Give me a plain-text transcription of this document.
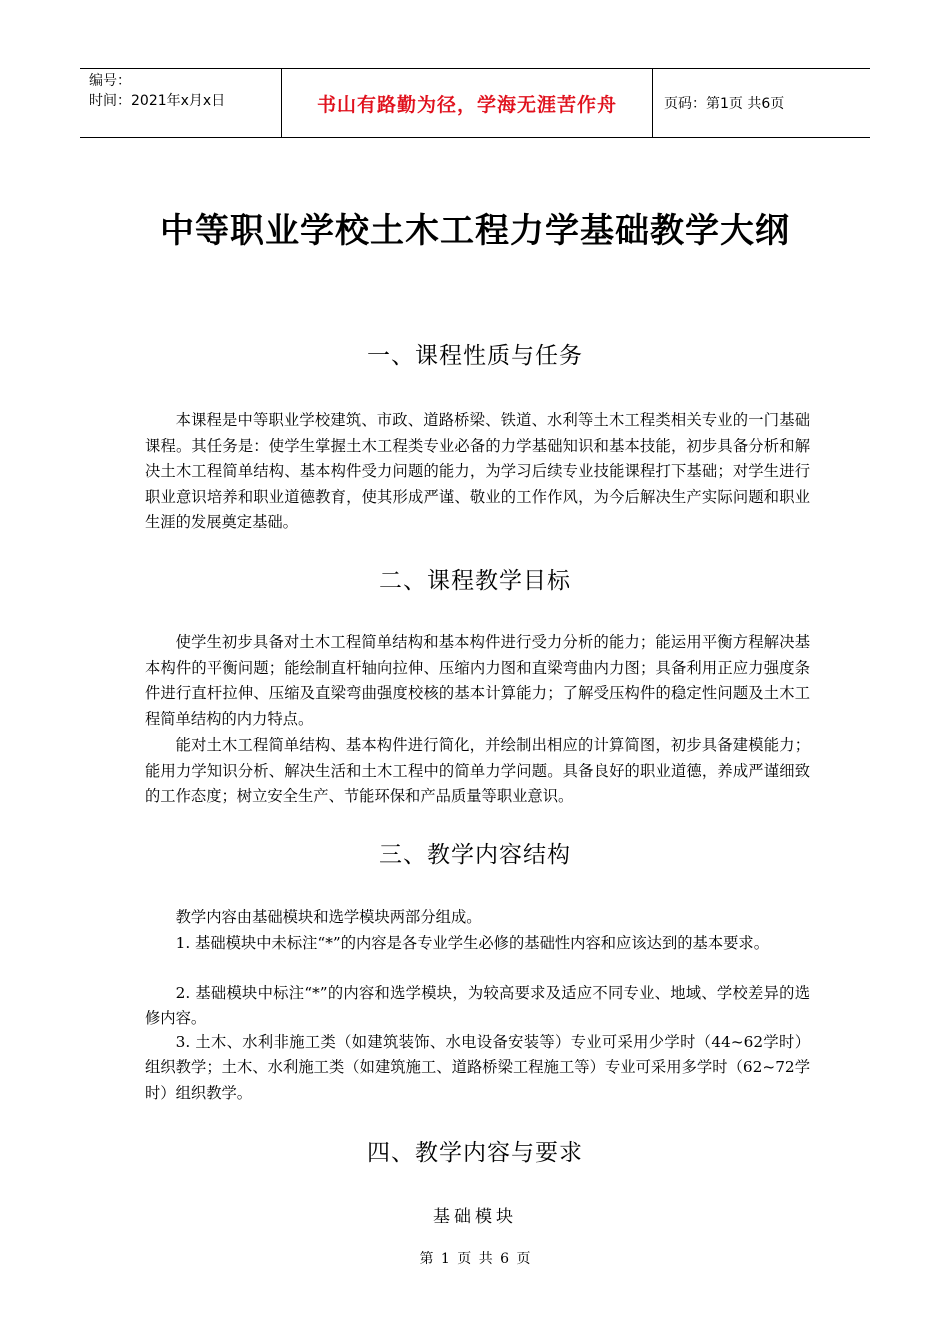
编号：
时间：2021年x月x日	书山有路勤为径，学海无涯苦作舟	页码：第1页 共6页
中等职业学校土木工程力学基础教学大纲
一、课程性质与任务

本课程是中等职业学校建筑、市政、道路桥梁、铁道、水利等土木工程类相关专业的一门基础课程。其任务是：使学生掌握土木工程类专业必备的力学基础知识和基本技能，初步具备分析和解决土木工程简单结构、基本构件受力问题的能力，为学习后续专业技能课程打下基础；对学生进行职业意识培养和职业道德教育，使其形成严谨、敬业的工作作风，为今后解决生产实际问题和职业生涯的发展奠定基础。

二、课程教学目标

使学生初步具备对土木工程简单结构和基本构件进行受力分析的能力；能运用平衡方程解决基本构件的平衡问题；能绘制直杆轴向拉伸、压缩内力图和直梁弯曲内力图；具备利用正应力强度条件进行直杆拉伸、压缩及直梁弯曲强度校核的基本计算能力；了解受压构件的稳定性问题及土木工程简单结构的内力特点。

能对土木工程简单结构、基本构件进行简化，并绘制出相应的计算简图，初步具备建模能力；能用力学知识分析、解决生活和土木工程中的简单力学问题。具备良好的职业道德，养成严谨细致的工作态度；树立安全生产、节能环保和产品质量等职业意识。

三、教学内容结构

教学内容由基础模块和选学模块两部分组成。

1. 基础模块中未标注“*”的内容是各专业学生必修的基础性内容和应该达到的基本要求。

2. 基础模块中标注“*”的内容和选学模块，为较高要求及适应不同专业、地域、学校差异的选修内容。

3. 土木、水利非施工类（如建筑装饰、水电设备安装等）专业可采用少学时（44~62学时）组织教学；土木、水利施工类（如建筑施工、道路桥梁工程施工等）专业可采用多学时（62~72学时）组织教学。

四、教学内容与要求
基础模块
第 1 页 共 6 页
